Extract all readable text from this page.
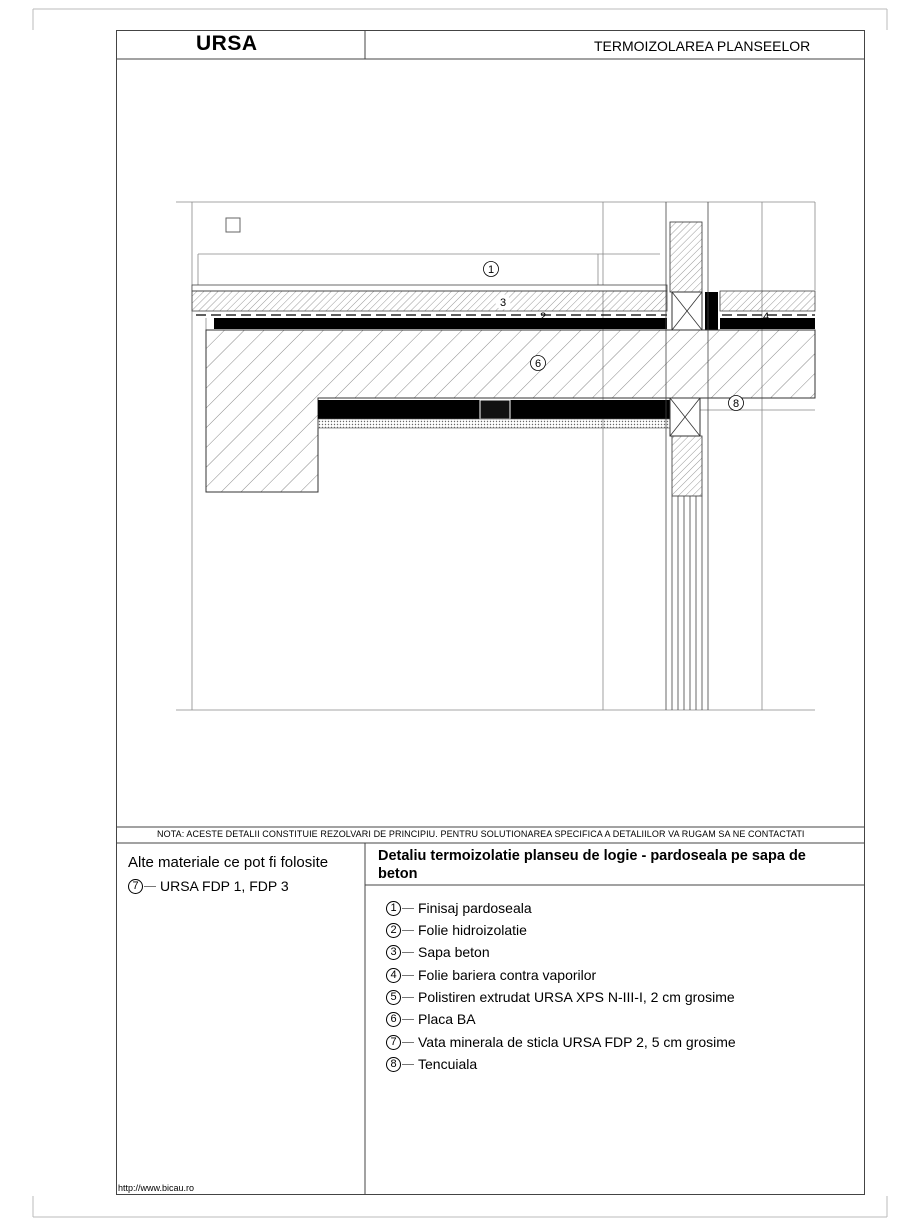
URSA	TERMOIZOLAREA PLANSEELOR
1
3
2	4
6
8
NOTA: ACESTE DETALII CONSTITUIE REZOLVARI DE PRINCIPIU. PENTRU SOLUTIONAREA SPECIFICA A DETALIILOR VA RUGAM SA NE CONTACTATI
Alte materiale ce pot fi folosite
7	URSA FDP 1, FDP 3
Detaliu termoizolatie planseu de logie - pardoseala pe sapa de beton
1	Finisaj pardoseala
2	Folie hidroizolatie
3	Sapa beton
4	Folie bariera contra vaporilor
5	Polistiren extrudat URSA XPS N-III-I, 2 cm grosime
6	Placa BA
7	Vata minerala de sticla URSA FDP 2, 5 cm grosime
8	Tencuiala
http://www.bicau.ro
